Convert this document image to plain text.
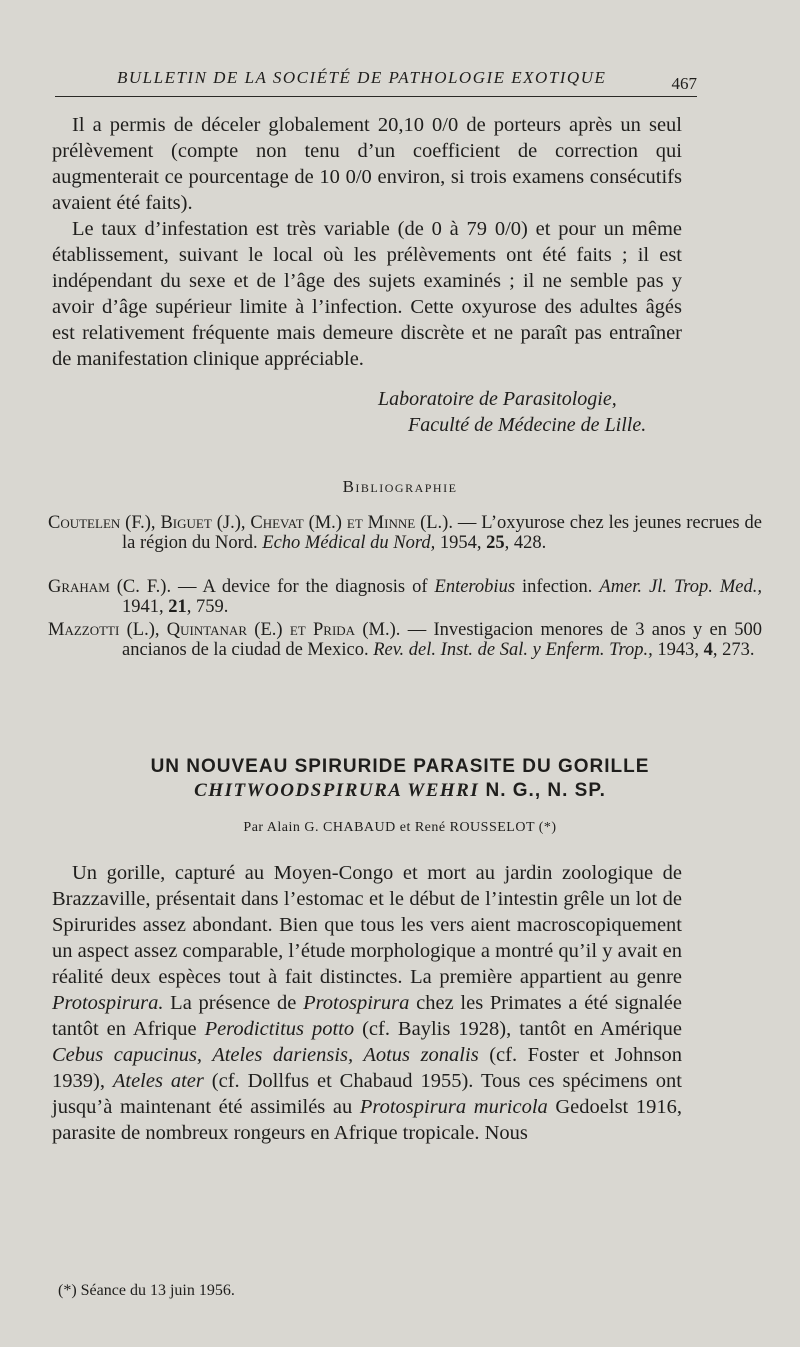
BULLETIN DE LA SOCIÉTÉ DE PATHOLOGIE EXOTIQUE	467

Il a permis de déceler globalement 20,10 0/0 de porteurs après un seul prélèvement (compte non tenu d’un coefficient de correction qui augmenterait ce pourcentage de 10 0/0 environ, si trois examens consécutifs avaient été faits).

Le taux d’infestation est très variable (de 0 à 79 0/0) et pour un même établissement, suivant le local où les prélèvements ont été faits ; il est indépendant du sexe et de l’âge des sujets examinés ; il ne semble pas y avoir d’âge supérieur limite à l’infection. Cette oxyurose des adultes âgés est relativement fréquente mais demeure discrète et ne paraît pas entraîner de manifestation clinique appréciable.

Laboratoire de Parasitologie,
Faculté de Médecine de Lille.
Bibliographie

Coutelen (F.), Biguet (J.), Chevat (M.) et Minne (L.). — L’oxyurose chez les jeunes recrues de la région du Nord. Echo Médical du Nord, 1954, 25, 428.

Graham (C. F.). — A device for the diagnosis of Enterobius infection. Amer. Jl. Trop. Med., 1941, 21, 759.

Mazzotti (L.), Quintanar (E.) et Prida (M.). — Investigacion menores de 3 anos y en 500 ancianos de la ciudad de Mexico. Rev. del. Inst. de Sal. y Enferm. Trop., 1943, 4, 273.

UN NOUVEAU SPIRURIDE PARASITE DU GORILLE
CHITWOODSPIRURA WEHRI N. G., N. SP.
Par Alain G. CHABAUD et René ROUSSELOT (*)

Un gorille, capturé au Moyen-Congo et mort au jardin zoologique de Brazzaville, présentait dans l’estomac et le début de l’intestin grêle un lot de Spirurides assez abondant. Bien que tous les vers aient macroscopiquement un aspect assez comparable, l’étude morphologique a montré qu’il y avait en réalité deux espèces tout à fait distinctes. La première appartient au genre Protospirura. La présence de Protospirura chez les Primates a été signalée tantôt en Afrique Perodictitus potto (cf. Baylis 1928), tantôt en Amérique Cebus capucinus, Ateles dariensis, Aotus zonalis (cf. Foster et Johnson 1939), Ateles ater (cf. Dollfus et Chabaud 1955). Tous ces spécimens ont jusqu’à maintenant été assimilés au Protospirura muricola Gedoelst 1916, parasite de nombreux rongeurs en Afrique tropicale. Nous

(*) Séance du 13 juin 1956.
